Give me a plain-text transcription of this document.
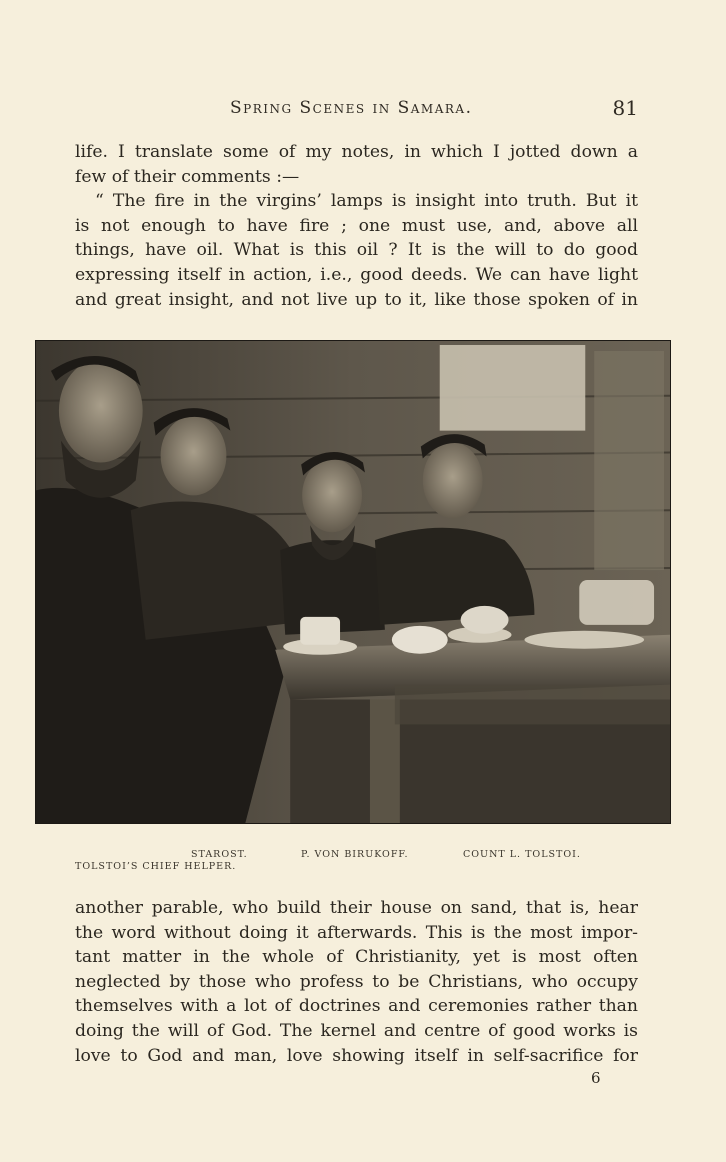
Spring Scenes in Samara.	81
life. I translate some of my notes, in which I jotted down a
few of their comments :—
“ The fire in the virgins’ lamps is insight into truth. But it
is not enough to have fire ; one must use, and, above all
things, have oil. What is this oil ? It is the will to do good
expressing itself in action, i.e., good deeds. We can have light
and great insight, and not live up to it, like those spoken of in
STAROST.	P. VON BIRUKOFF.	COUNT L. TOLSTOI.
TOLSTOI’S CHIEF HELPER.
another parable, who build their house on sand, that is, hear
the word without doing it afterwards. This is the most impor-
tant matter in the whole of Christianity, yet is most often
neglected by those who profess to be Christians, who occupy
themselves with a lot of doctrines and ceremonies rather than
doing the will of God. The kernel and centre of good works is
love to God and man, love showing itself in self-sacrifice for
6
